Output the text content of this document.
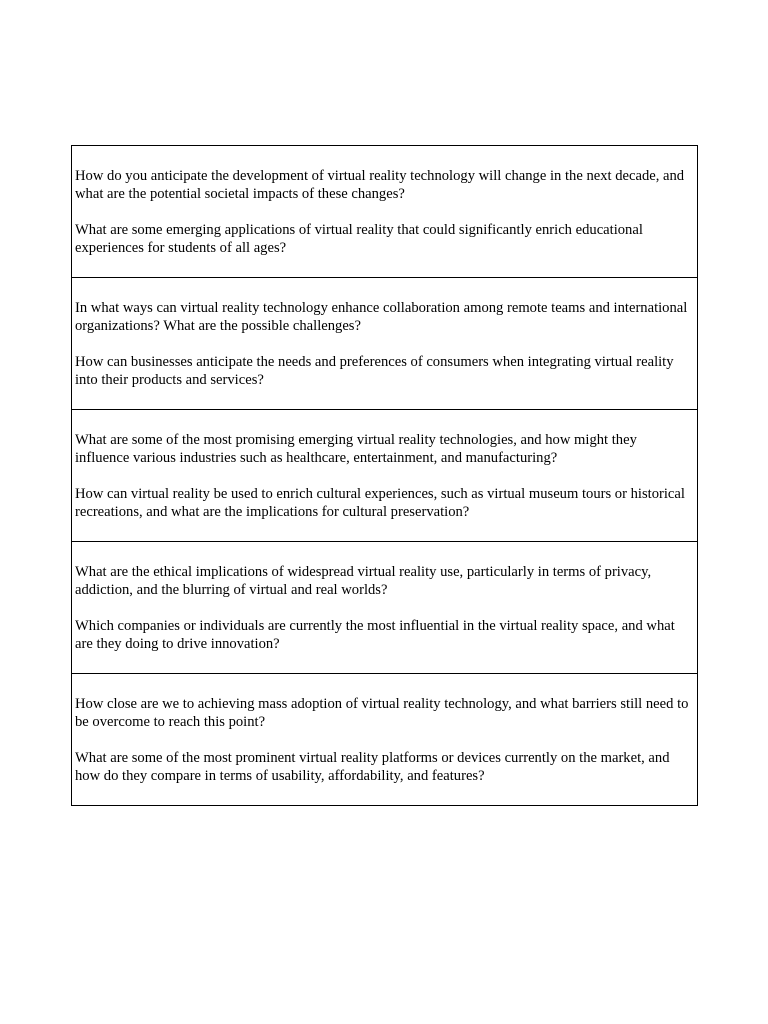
How do you anticipate the development of virtual reality technology will change in the next decade, and what are the potential societal impacts of these changes?

What are some emerging applications of virtual reality that could significantly enrich educational experiences for students of all ages?

In what ways can virtual reality technology enhance collaboration among remote teams and international organizations? What are the possible challenges?

How can businesses anticipate the needs and preferences of consumers when integrating virtual reality into their products and services?

What are some of the most promising emerging virtual reality technologies, and how might they influence various industries such as healthcare, entertainment, and manufacturing?

How can virtual reality be used to enrich cultural experiences, such as virtual museum tours or historical recreations, and what are the implications for cultural preservation?

What are the ethical implications of widespread virtual reality use, particularly in terms of privacy, addiction, and the blurring of virtual and real worlds?

Which companies or individuals are currently the most influential in the virtual reality space, and what are they doing to drive innovation?

How close are we to achieving mass adoption of virtual reality technology, and what barriers still need to be overcome to reach this point?

What are some of the most prominent virtual reality platforms or devices currently on the market, and how do they compare in terms of usability, affordability, and features?
